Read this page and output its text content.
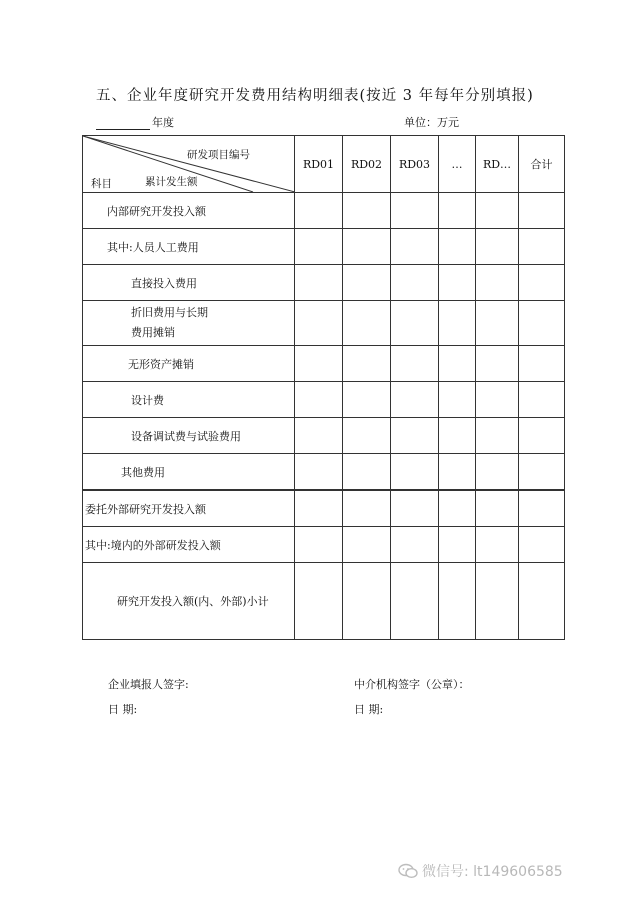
五、企业年度研究开发费用结构明细表(按近 3 年每年分别填报)
年度	单位：万元
研发项目编号
累计发生额
科目	RD01	RD02	RD03	…	RD…	合计
内部研究开发投入额						
其中:人员人工费用						
直接投入费用						

折旧费用与长期
费用摊销						

无形资产摊销						
设计费						
设备调试费与试验费用						
其他费用						
委托外部研究开发投入额						
其中:境内的外部研发投入额						
研究开发投入额(内、外部)小计						
企业填报人签字:
日 期:
中介机构签字（公章）：
日 期:
微信号: lt149606585
